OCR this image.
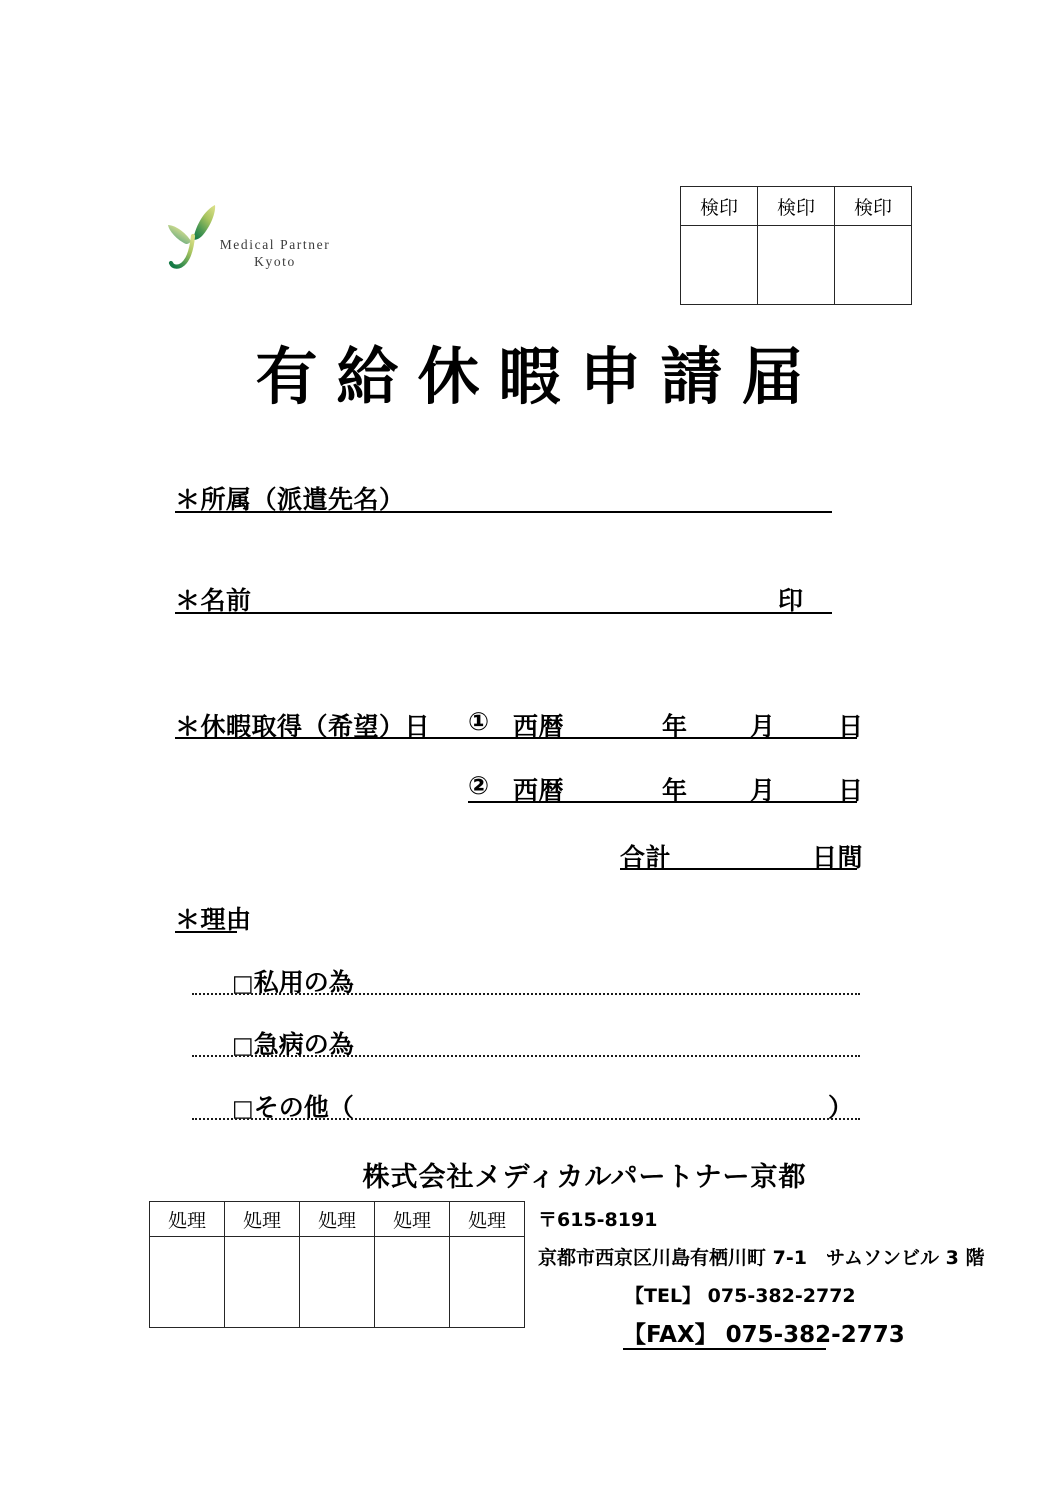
Medical Partner
Kyoto
検印	検印	検印

有給休暇申請届
＊所属（派遣先名）
＊名前	印
＊休暇取得（希望）日 ① 西暦	年 月 日
② 西暦	年 月 日
合計	日間
＊理由
□私用の為
□急病の為
□その他（	）
処理	処理	処理	処理	処理

株式会社メディカルパートナー京都
〒615-8191
京都市西京区川島有栖川町 7-1　サムソンビル 3 階
【TEL】 075-382-2772
【FAX】 075-382-2773
